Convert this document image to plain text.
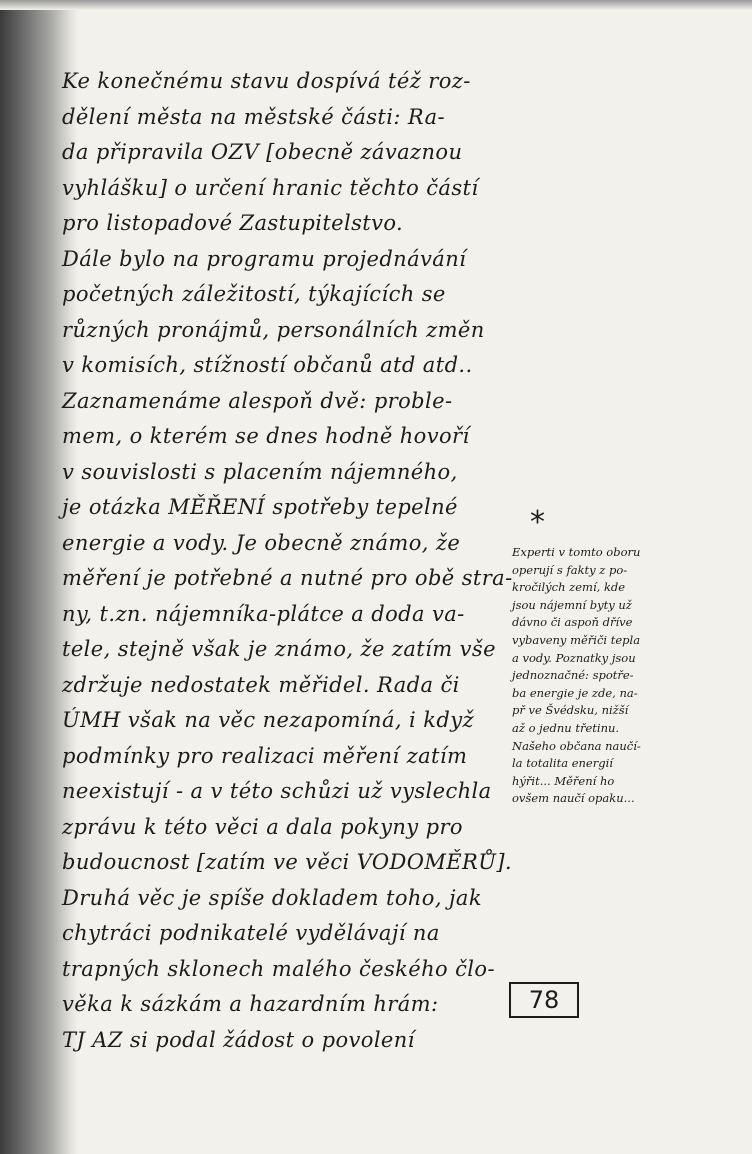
Ke konečnému stavu dospívá též roz-
dělení města na městské části: Ra-
da připravila OZV [obecně závaznou
vyhlášku] o určení hranic těchto částí
pro listopadové Zastupitelstvo.
Dále bylo na programu projednávání
početných záležitostí, týkajících se
různých pronájmů, personálních změn
v komisích, stížností občanů atd atd..
Zaznamenáme alespoň dvě: proble-
mem, o kterém se dnes hodně hovoří
v souvislosti s placením nájemného,
je otázka MĚŘENÍ spotřeby tepelné
energie a vody. Je obecně známo, že
měření je potřebné a nutné pro obě stra-
ny, t.zn. nájemníka-plátce a doda va-
tele, stejně však je známo, že zatím vše
zdržuje nedostatek měřidel. Rada či
ÚMH však na věc nezapomíná, i když
podmínky pro realizaci měření zatím
neexistují - a v této schůzi už vyslechla
zprávu k této věci a dala pokyny pro
budoucnost [zatím ve věci VODOMĚRŮ].
Druhá věc je spíše dokladem toho, jak
chytráci podnikatelé vydělávají na
trapných sklonech malého českého člo-
věka k sázkám a hazardním hrám:
TJ AZ si podal žádost o povolení
*
Experti v tomto oboru
operují s fakty z po-
kročilých zemí, kde
jsou nájemní byty už
dávno či aspoň dříve
vybaveny měřiči tepla
a vody. Poznatky jsou
jednoznačné: spotře-
ba energie je zde, na-
př ve Švédsku, nižší
až o jednu třetinu.
Našeho občana naučí-
la totalita energií
hýřit... Měření ho
ovšem naučí opaku...
78
